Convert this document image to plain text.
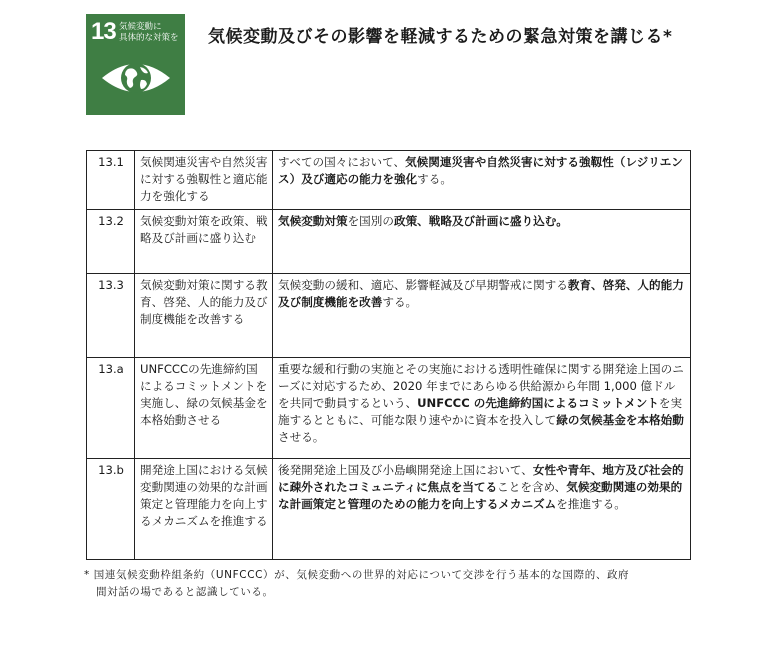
13 気候変動に
具体的な対策を 気候変動及びその影響を軽減するための緊急対策を講じる*
13.1	気候関連災害や自然災害に対する強靱性と適応能力を強化する	すべての国々において、気候関連災害や自然災害に対する強靱性（レジリエンス）及び適応の能力を強化する。
13.2	気候変動対策を政策、戦略及び計画に盛り込む	気候変動対策を国別の政策、戦略及び計画に盛り込む。
13.3	気候変動対策に関する教育、啓発、人的能力及び制度機能を改善する	気候変動の緩和、適応、影響軽減及び早期警戒に関する教育、啓発、人的能力及び制度機能を改善する。
13.a	UNFCCCの先進締約国によるコミットメントを実施し、緑の気候基金を本格始動させる	重要な緩和行動の実施とその実施における透明性確保に関する開発途上国のニーズに対応するため、2020 年までにあらゆる供給源から年間 1,000 億ドルを共同で動員するという、UNFCCC の先進締約国によるコミットメントを実施するとともに、可能な限り速やかに資本を投入して緑の気候基金を本格始動させる。
13.b	開発途上国における気候変動関連の効果的な計画策定と管理能力を向上するメカニズムを推進する	後発開発途上国及び小島嶼開発途上国において、女性や青年、地方及び社会的に疎外されたコミュニティに焦点を当てることを含め、気候変動関連の効果的な計画策定と管理のための能力を向上するメカニズムを推進する。
* 国連気候変動枠組条約（UNFCCC）が、気候変動への世界的対応について交渉を行う基本的な国際的、政府
間対話の場であると認識している。
